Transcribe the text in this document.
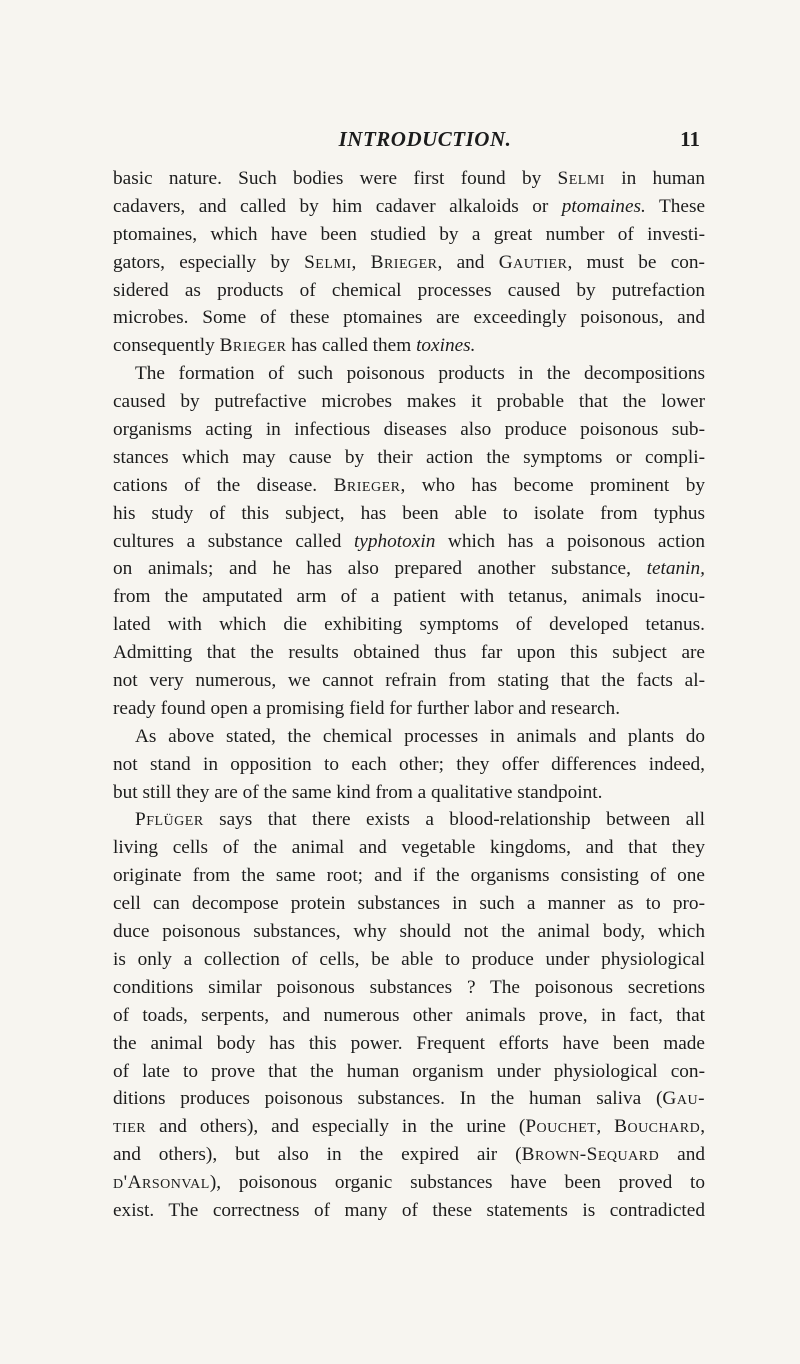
INTRODUCTION.	11
basic nature. Such bodies were first found by Selmi in human
cadavers, and called by him cadaver alkaloids or ptomaines. These
ptomaines, which have been studied by a great number of investi-
gators, especially by Selmi, Brieger, and Gautier, must be con-
sidered as products of chemical processes caused by putrefaction
microbes. Some of these ptomaines are exceedingly poisonous, and
consequently Brieger has called them toxines.
The formation of such poisonous products in the decompositions
caused by putrefactive microbes makes it probable that the lower
organisms acting in infectious diseases also produce poisonous sub-
stances which may cause by their action the symptoms or compli-
cations of the disease. Brieger, who has become prominent by
his study of this subject, has been able to isolate from typhus
cultures a substance called typhotoxin which has a poisonous action
on animals; and he has also prepared another substance, tetanin,
from the amputated arm of a patient with tetanus, animals inocu-
lated with which die exhibiting symptoms of developed tetanus.
Admitting that the results obtained thus far upon this subject are
not very numerous, we cannot refrain from stating that the facts al-
ready found open a promising field for further labor and research.
As above stated, the chemical processes in animals and plants do
not stand in opposition to each other; they offer differences indeed,
but still they are of the same kind from a qualitative standpoint.
Pflüger says that there exists a blood-relationship between all
living cells of the animal and vegetable kingdoms, and that they
originate from the same root; and if the organisms consisting of one
cell can decompose protein substances in such a manner as to pro-
duce poisonous substances, why should not the animal body, which
is only a collection of cells, be able to produce under physiological
conditions similar poisonous substances ? The poisonous secretions
of toads, serpents, and numerous other animals prove, in fact, that
the animal body has this power. Frequent efforts have been made
of late to prove that the human organism under physiological con-
ditions produces poisonous substances. In the human saliva (Gau-
tier and others), and especially in the urine (Pouchet, Bouchard,
and others), but also in the expired air (Brown-Sequard and
d'Arsonval), poisonous organic substances have been proved to
exist. The correctness of many of these statements is contradicted
